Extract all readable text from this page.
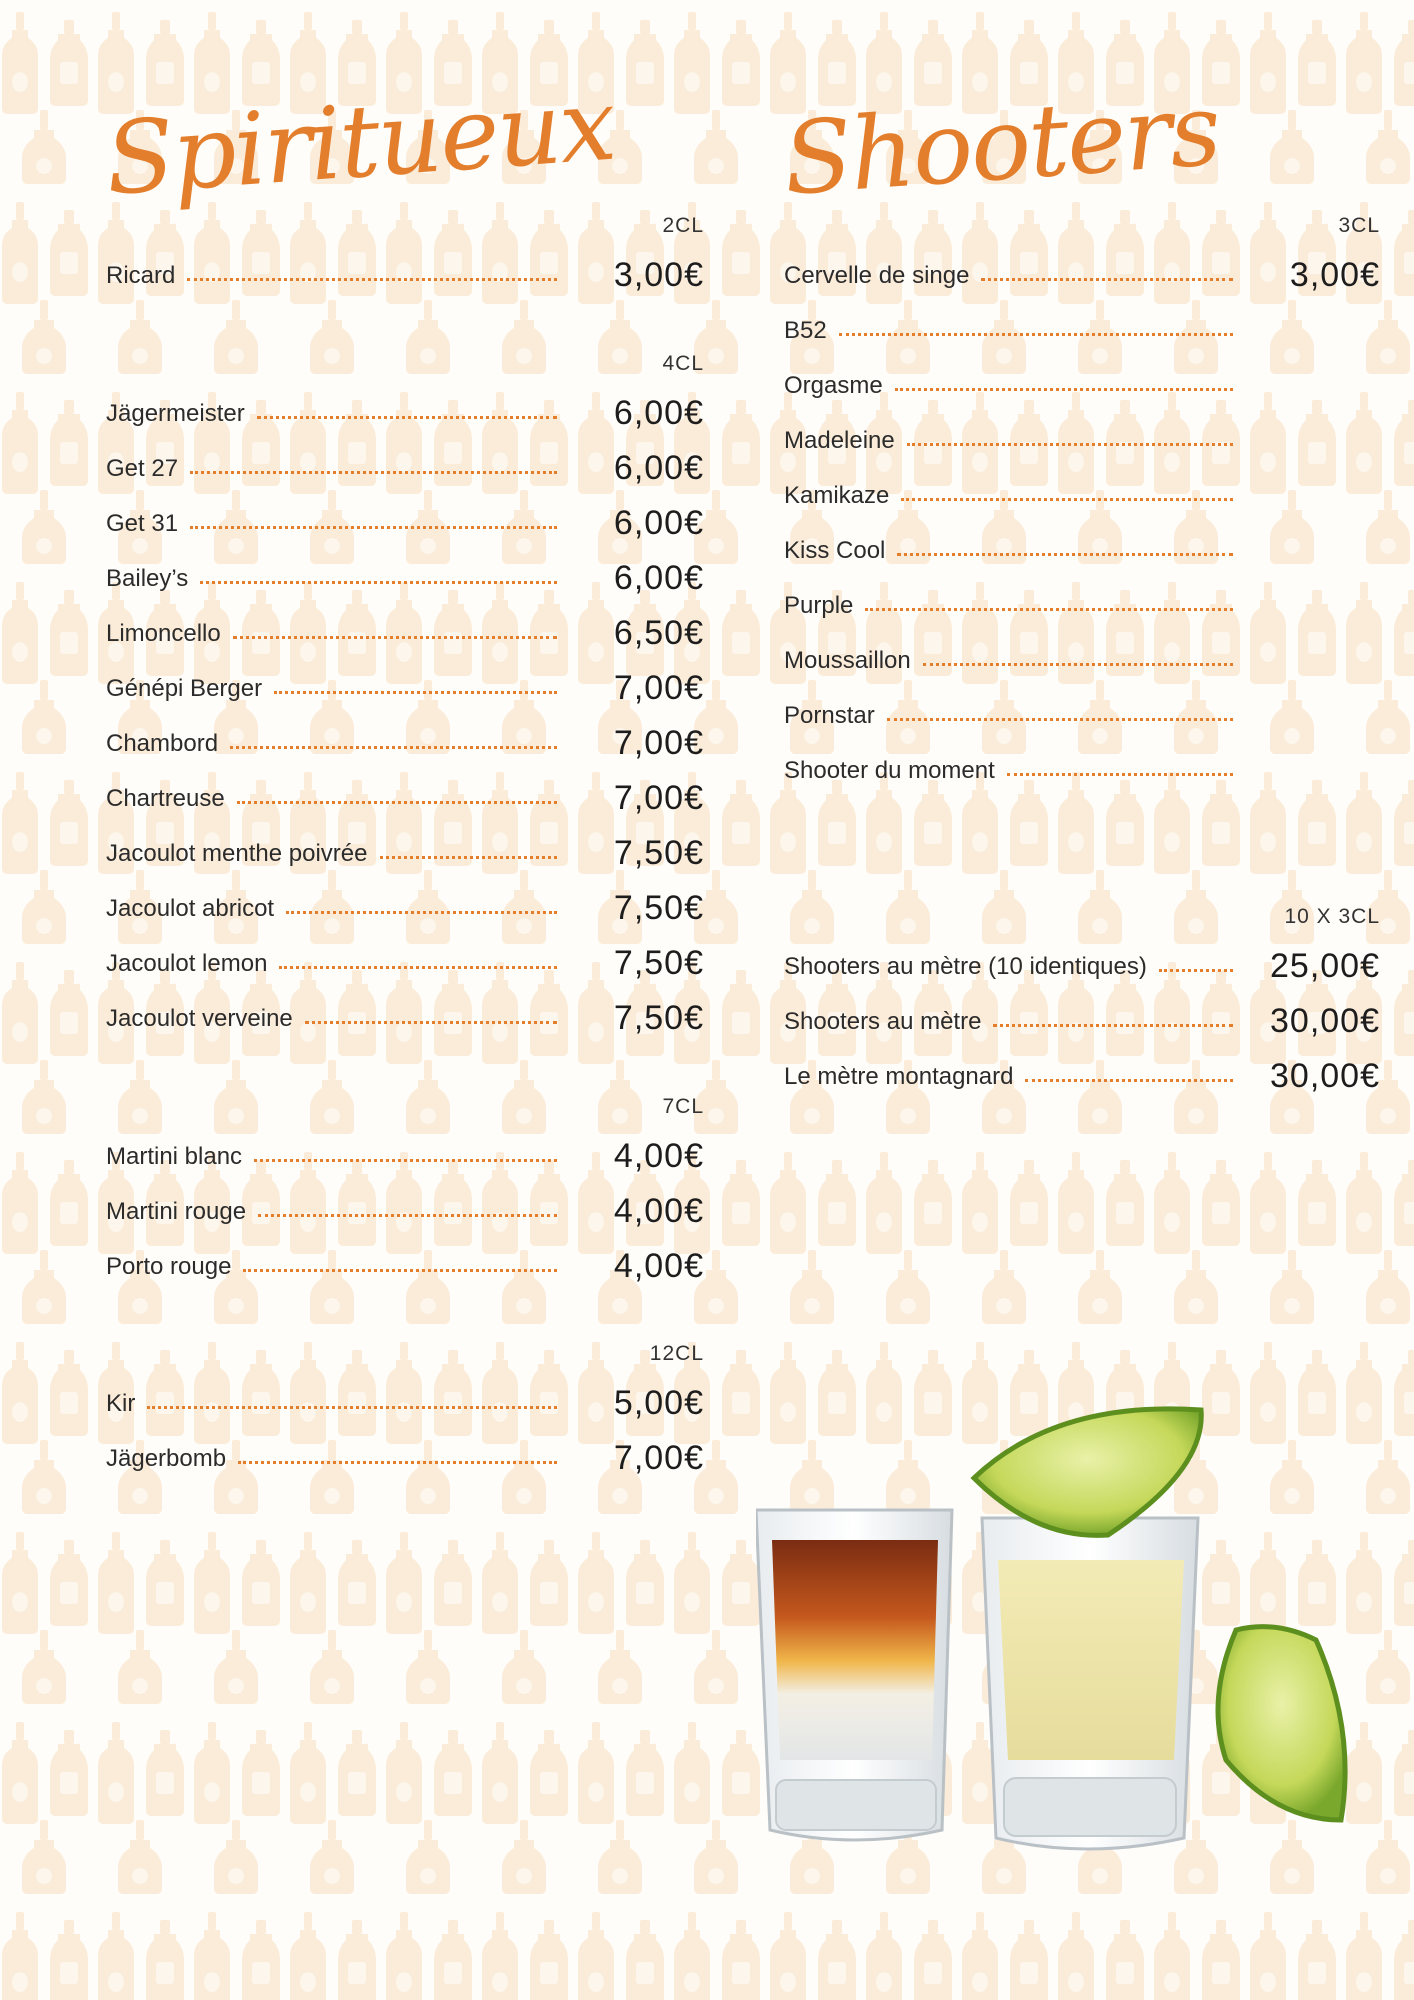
Spiritueux
2CL
Ricard	3,00€
4CL
Jägermeister	6,00€
Get 27	6,00€
Get 31	6,00€
Bailey’s	6,00€
Limoncello	6,50€
Génépi Berger	7,00€
Chambord	7,00€
Chartreuse	7,00€
Jacoulot menthe poivrée	7,50€
Jacoulot abricot	7,50€
Jacoulot lemon	7,50€
Jacoulot verveine	7,50€
7CL
Martini blanc	4,00€
Martini rouge	4,00€
Porto rouge	4,00€
12CL
Kir	5,00€
Jägerbomb	7,00€
Shooters
3CL
Cervelle de singe	3,00€
B52
Orgasme
Madeleine
Kamikaze
Kiss Cool
Purple
Moussaillon
Pornstar
Shooter du moment
10 X 3CL
Shooters au mètre (10 identiques)	25,00€
Shooters au mètre	30,00€
Le mètre montagnard	30,00€
